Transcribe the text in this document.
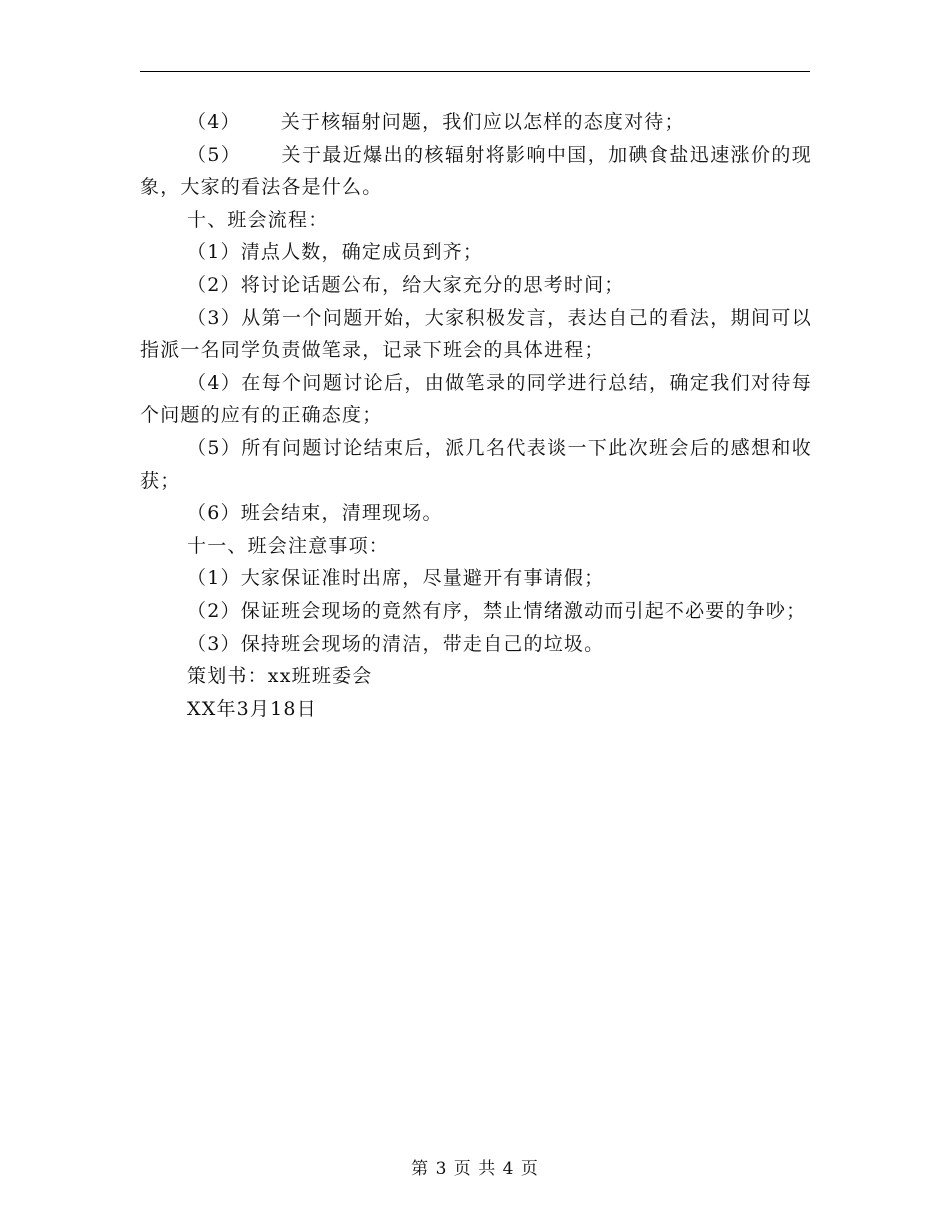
（4） 关于核辐射问题，我们应以怎样的态度对待；

（5） 关于最近爆出的核辐射将影响中国，加碘食盐迅速涨价的现象，大家的看法各是什么。

十、班会流程：

（1）清点人数，确定成员到齐；

（2）将讨论话题公布，给大家充分的思考时间；

（3）从第一个问题开始，大家积极发言，表达自己的看法，期间可以指派一名同学负责做笔录，记录下班会的具体进程；

（4）在每个问题讨论后，由做笔录的同学进行总结，确定我们对待每个问题的应有的正确态度；

（5）所有问题讨论结束后，派几名代表谈一下此次班会后的感想和收获；

（6）班会结束，清理现场。

十一、班会注意事项：

（1）大家保证准时出席，尽量避开有事请假；

（2）保证班会现场的竟然有序，禁止情绪激动而引起不必要的争吵；

（3）保持班会现场的清洁，带走自己的垃圾。

策划书：xx班班委会

XX年3月18日

第 3 页 共 4 页
